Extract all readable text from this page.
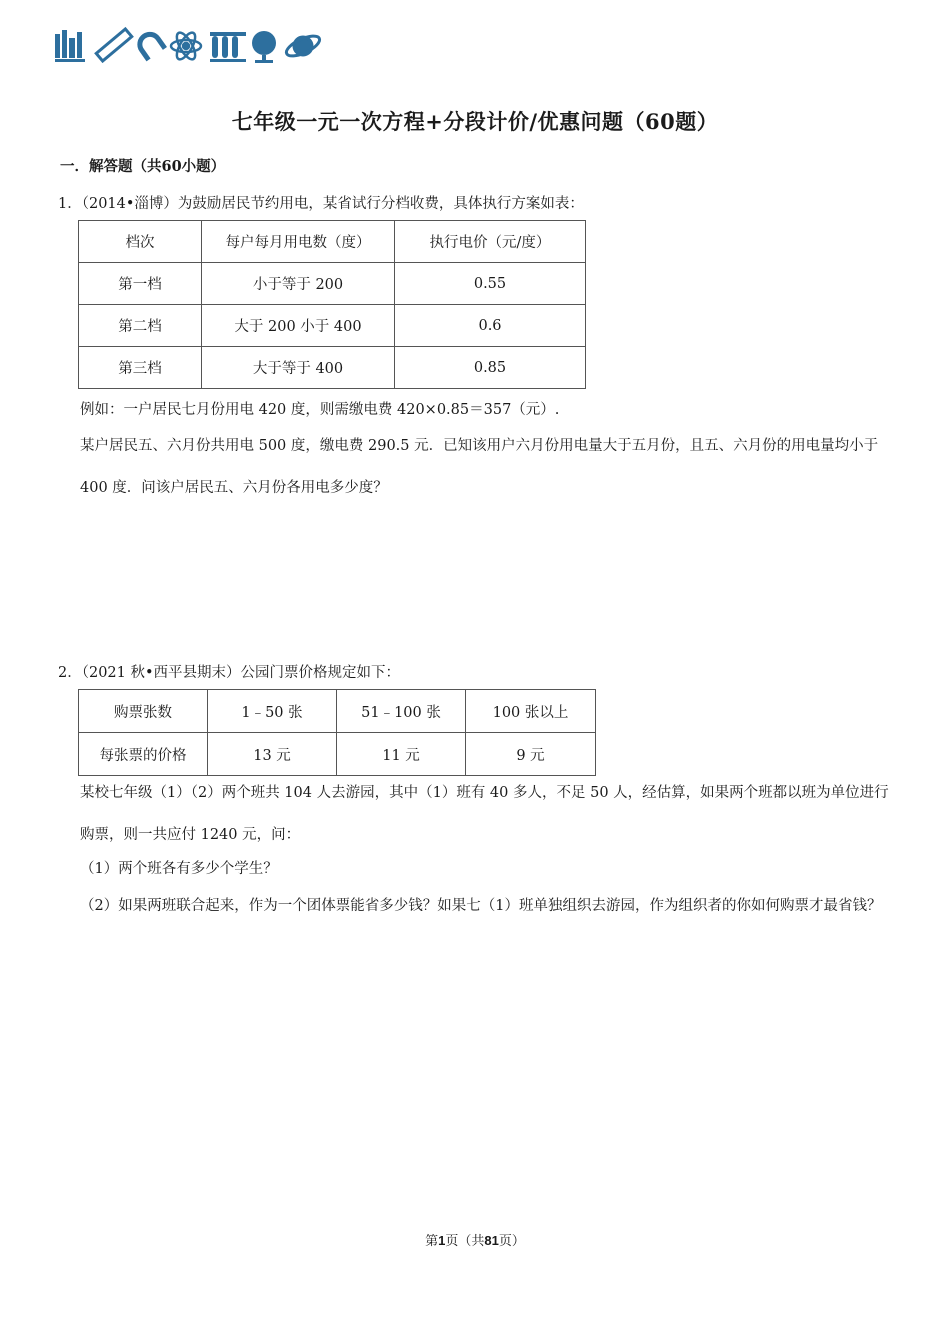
七年级一元一次方程+分段计价/优惠问题（60题）
一．解答题（共60小题）
1．（2014•淄博）为鼓励居民节约用电，某省试行分档收费，具体执行方案如表：
档次	每户每月用电数（度）	执行电价（元/度）
第一档	小于等于 200	0.55
第二档	大于 200 小于 400	0.6
第三档	大于等于 400	0.85
例如：一户居民七月份用电 420 度，则需缴电费 420×0.85＝357（元）.
某户居民五、六月份共用电 500 度，缴电费 290.5 元．已知该用户六月份用电量大于五月份，且五、六月份的用电量均小于 400 度．问该户居民五、六月份各用电多少度？
2．（2021 秋•西平县期末）公园门票价格规定如下：
购票张数	1﹣50 张	51﹣100 张	100 张以上
每张票的价格	13 元	11 元	9 元
某校七年级（1）（2）两个班共 104 人去游园，其中（1）班有 40 多人，不足 50 人，经估算，如果两个班都以班为单位进行购票，则一共应付 1240 元，问：
（1）两个班各有多少个学生？
（2）如果两班联合起来，作为一个团体票能省多少钱？如果七（1）班单独组织去游园，作为组织者的你如何购票才最省钱？
第1页（共81页）
